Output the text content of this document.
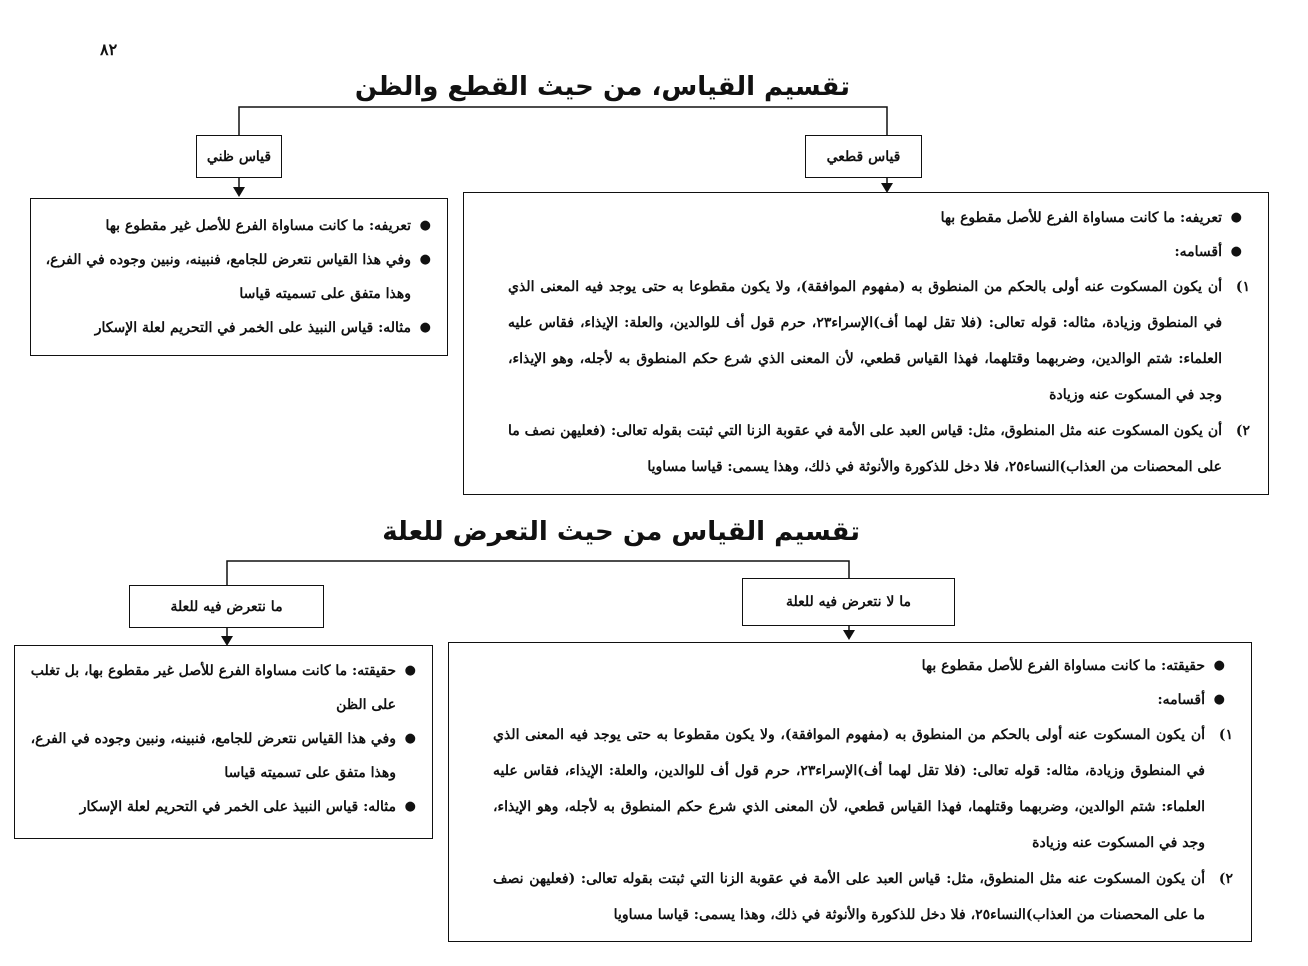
٨٢
تقسيم القياس، من حيث القطع والظن
قياس ظني	قياس قطعي
●
تعريفه: ما كانت مساواة الفرع للأصل غير مقطوع بها
●
وفي هذا القياس نتعرض للجامع، فنبينه، ونبين وجوده في الفرع، وهذا متفق على تسميته قياسا
●
مثاله: قياس النبيذ على الخمر في التحريم لعلة الإسكار
●
تعريفه: ما كانت مساواة الفرع للأصل مقطوع بها
●
أقسامه:
١)
أن يكون المسكوت عنه أولى بالحكم من المنطوق به (مفهوم الموافقة)، ولا يكون مقطوعا به حتى يوجد فيه المعنى الذي في المنطوق وزيادة، مثاله: قوله تعالى: (فلا تقل لهما أف)الإسراء٢٣، حرم قول أف للوالدين، والعلة: الإيذاء، فقاس عليه العلماء: شتم الوالدين، وضربهما وقتلهما، فهذا القياس قطعي، لأن المعنى الذي شرع حكم المنطوق به لأجله، وهو الإيذاء، وجد في المسكوت عنه وزيادة
٢)
أن يكون المسكوت عنه مثل المنطوق، مثل: قياس العبد على الأمة في عقوبة الزنا التي ثبتت بقوله تعالى: (فعليهن نصف ما على المحصنات من العذاب)النساء٢٥، فلا دخل للذكورة والأنوثة في ذلك، وهذا يسمى: قياسا مساويا
تقسيم القياس من حيث التعرض للعلة
ما نتعرض فيه للعلة	ما لا نتعرض فيه للعلة
●
حقيقته: ما كانت مساواة الفرع للأصل غير مقطوع بها، بل تغلب على الظن
●
وفي هذا القياس نتعرض للجامع، فنبينه، ونبين وجوده في الفرع، وهذا متفق على تسميته قياسا
●
مثاله: قياس النبيذ على الخمر في التحريم لعلة الإسكار
●
حقيقته: ما كانت مساواة الفرع للأصل مقطوع بها
●
أقسامه:
١)
أن يكون المسكوت عنه أولى بالحكم من المنطوق به (مفهوم الموافقة)، ولا يكون مقطوعا به حتى يوجد فيه المعنى الذي في المنطوق وزيادة، مثاله: قوله تعالى: (فلا تقل لهما أف)الإسراء٢٣، حرم قول أف للوالدين، والعلة: الإيذاء، فقاس عليه العلماء: شتم الوالدين، وضربهما وقتلهما، فهذا القياس قطعي، لأن المعنى الذي شرع حكم المنطوق به لأجله، وهو الإيذاء، وجد في المسكوت عنه وزيادة
٢)
أن يكون المسكوت عنه مثل المنطوق، مثل: قياس العبد على الأمة في عقوبة الزنا التي ثبتت بقوله تعالى: (فعليهن نصف ما على المحصنات من العذاب)النساء٢٥، فلا دخل للذكورة والأنوثة في ذلك، وهذا يسمى: قياسا مساويا
